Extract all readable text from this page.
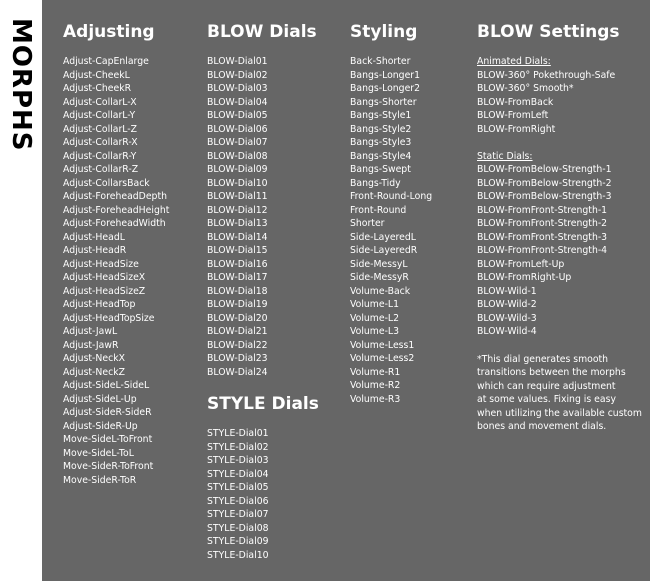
MORPHS Adjusting
Adjust-CapEnlarge
Adjust-CheekL
Adjust-CheekR
Adjust-CollarL-X
Adjust-CollarL-Y
Adjust-CollarL-Z
Adjust-CollarR-X
Adjust-CollarR-Y
Adjust-CollarR-Z
Adjust-CollarsBack
Adjust-ForeheadDepth
Adjust-ForeheadHeight
Adjust-ForeheadWidth
Adjust-HeadL
Adjust-HeadR
Adjust-HeadSize
Adjust-HeadSizeX
Adjust-HeadSizeZ
Adjust-HeadTop
Adjust-HeadTopSize
Adjust-JawL
Adjust-JawR
Adjust-NeckX
Adjust-NeckZ
Adjust-SideL-SideL
Adjust-SideL-Up
Adjust-SideR-SideR
Adjust-SideR-Up
Move-SideL-ToFront
Move-SideL-ToL
Move-SideR-ToFront
Move-SideR-ToR
BLOW Dials
BLOW-Dial01
BLOW-Dial02
BLOW-Dial03
BLOW-Dial04
BLOW-Dial05
BLOW-Dial06
BLOW-Dial07
BLOW-Dial08
BLOW-Dial09
BLOW-Dial10
BLOW-Dial11
BLOW-Dial12
BLOW-Dial13
BLOW-Dial14
BLOW-Dial15
BLOW-Dial16
BLOW-Dial17
BLOW-Dial18
BLOW-Dial19
BLOW-Dial20
BLOW-Dial21
BLOW-Dial22
BLOW-Dial23
BLOW-Dial24
STYLE Dials
STYLE-Dial01
STYLE-Dial02
STYLE-Dial03
STYLE-Dial04
STYLE-Dial05
STYLE-Dial06
STYLE-Dial07
STYLE-Dial08
STYLE-Dial09
STYLE-Dial10
Styling
Back-Shorter
Bangs-Longer1
Bangs-Longer2
Bangs-Shorter
Bangs-Style1
Bangs-Style2
Bangs-Style3
Bangs-Style4
Bangs-Swept
Bangs-Tidy
Front-Round-Long
Front-Round
Shorter
Side-LayeredL
Side-LayeredR
Side-MessyL
Side-MessyR
Volume-Back
Volume-L1
Volume-L2
Volume-L3
Volume-Less1
Volume-Less2
Volume-R1
Volume-R2
Volume-R3
BLOW Settings
Animated Dials:
BLOW-360° Pokethrough-Safe
BLOW-360° Smooth*
BLOW-FromBack
BLOW-FromLeft
BLOW-FromRight
Static Dials:
BLOW-FromBelow-Strength-1
BLOW-FromBelow-Strength-2
BLOW-FromBelow-Strength-3
BLOW-FromFront-Strength-1
BLOW-FromFront-Strength-2
BLOW-FromFront-Strength-3
BLOW-FromFront-Strength-4
BLOW-FromLeft-Up
BLOW-FromRight-Up
BLOW-Wild-1
BLOW-Wild-2
BLOW-Wild-3
BLOW-Wild-4
*This dial generates smooth
transitions between the morphs
which can require adjustment
at some values. Fixing is easy
when utilizing the available custom
bones and movement dials.
